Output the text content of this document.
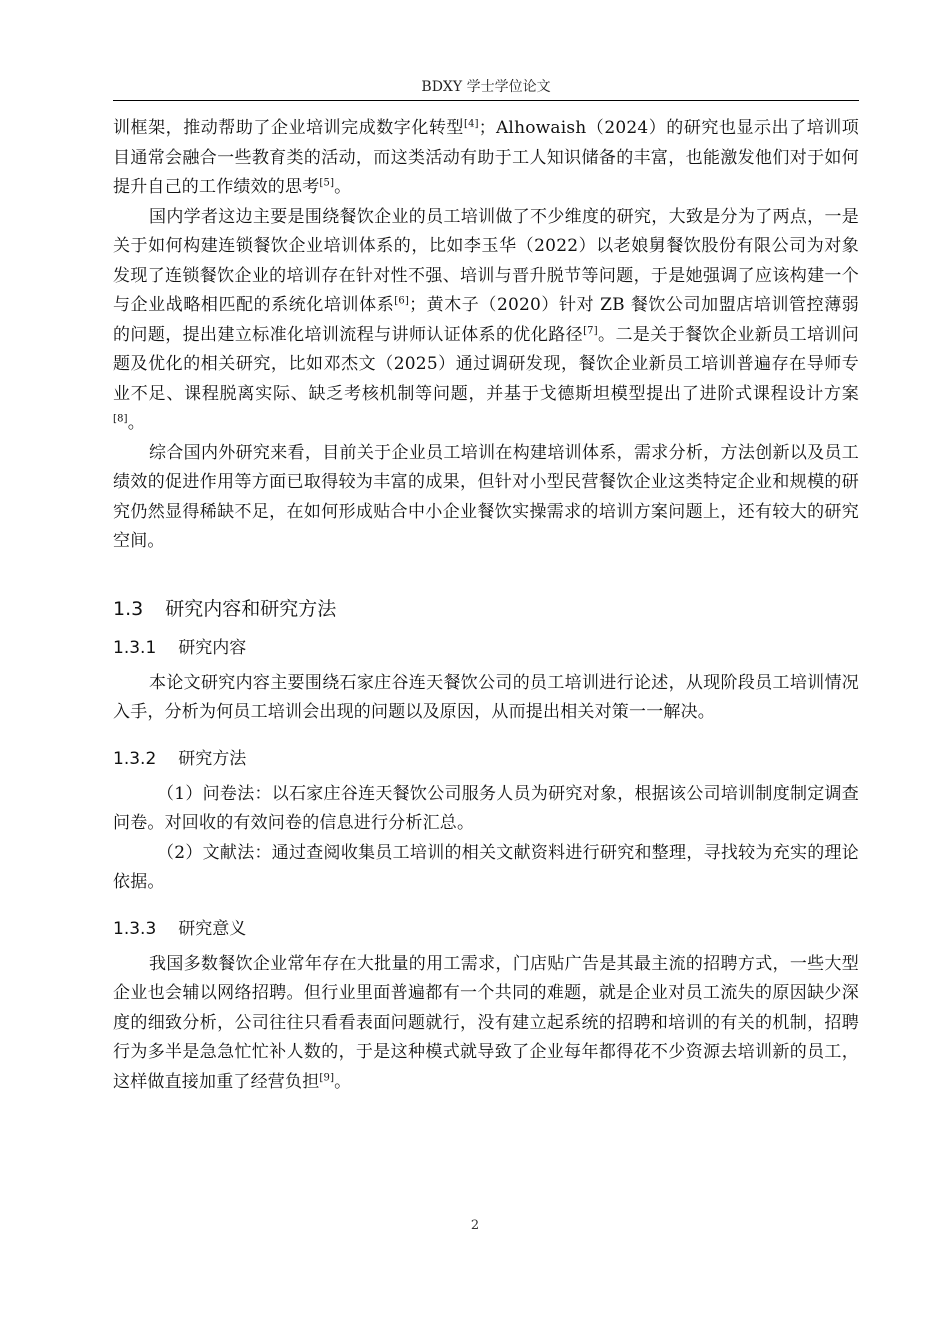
BDXY 学士学位论文

训框架，推动帮助了企业培训完成数字化转型[4]；Alhowaish（2024）的研究也显示出了培训项目通常会融合一些教育类的活动，而这类活动有助于工人知识储备的丰富，也能激发他们对于如何提升自己的工作绩效的思考[5]。

国内学者这边主要是围绕餐饮企业的员工培训做了不少维度的研究，大致是分为了两点，一是关于如何构建连锁餐饮企业培训体系的，比如李玉华（2022）以老娘舅餐饮股份有限公司为对象发现了连锁餐饮企业的培训存在针对性不强、培训与晋升脱节等问题，于是她强调了应该构建一个与企业战略相匹配的系统化培训体系[6]；黄木子（2020）针对 ZB 餐饮公司加盟店培训管控薄弱的问题，提出建立标准化培训流程与讲师认证体系的优化路径[7]。二是关于餐饮企业新员工培训问题及优化的相关研究，比如邓杰文（2025）通过调研发现，餐饮企业新员工培训普遍存在导师专业不足、课程脱离实际、缺乏考核机制等问题，并基于戈德斯坦模型提出了进阶式课程设计方案[8]。

综合国内外研究来看，目前关于企业员工培训在构建培训体系，需求分析，方法创新以及员工绩效的促进作用等方面已取得较为丰富的成果，但针对小型民营餐饮企业这类特定企业和规模的研究仍然显得稀缺不足，在如何形成贴合中小企业餐饮实操需求的培训方案问题上，还有较大的研究空间。

1.3 研究内容和研究方法
1.3.1 研究内容

本论文研究内容主要围绕石家庄谷连天餐饮公司的员工培训进行论述，从现阶段员工培训情况入手，分析为何员工培训会出现的问题以及原因，从而提出相关对策一一解决。

1.3.2 研究方法

（1）问卷法：以石家庄谷连天餐饮公司服务人员为研究对象，根据该公司培训制度制定调查问卷。对回收的有效问卷的信息进行分析汇总。

（2）文献法：通过查阅收集员工培训的相关文献资料进行研究和整理，寻找较为充实的理论依据。

1.3.3 研究意义

我国多数餐饮企业常年存在大批量的用工需求，门店贴广告是其最主流的招聘方式，一些大型企业也会辅以网络招聘。但行业里面普遍都有一个共同的难题，就是企业对员工流失的原因缺少深度的细致分析，公司往往只看看表面问题就行，没有建立起系统的招聘和培训的有关的机制，招聘行为多半是急急忙忙补人数的，于是这种模式就导致了企业每年都得花不少资源去培训新的员工，这样做直接加重了经营负担[9]。

2
